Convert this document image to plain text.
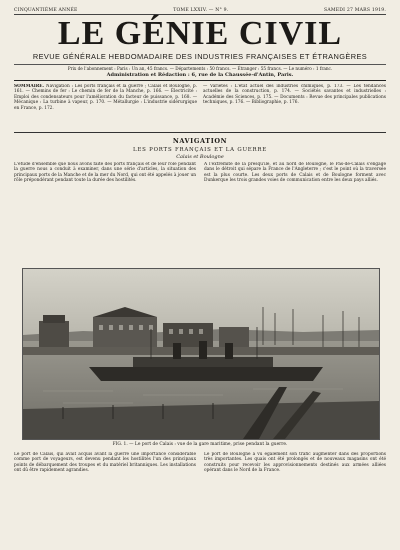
CINQUANTIÈME ANNÉE	TOME LXXIV. — N° 9.	SAMEDI 27 MARS 1919.
LE GÉNIE CIVIL
REVUE GÉNÉRALE HEBDOMADAIRE DES INDUSTRIES FRANÇAISES ET ÉTRANGÈRES
Prix de l'abonnement : Paris : Un an, 45 francs. — Départements : 50 francs. — Étranger : 55 francs. — Le numéro : 1 franc.
Administration et Rédaction : 6, rue de la Chaussée-d'Antin, Paris.
SOMMAIRE. Navigation : Les ports français et la guerre ; Calais et Boulogne, p. 161. — Chemins de fer : Le chemin de fer de la Manche, p. 166. — Électricité : Emploi des condensateurs pour l'amélioration du facteur de puissance, p. 168. — Mécanique : La turbine à vapeur, p. 170. — Métallurgie : L'industrie sidérurgique en France, p. 172.
— Variétés : L'état actuel des industries chimiques, p. 173. — Les tendances actuelles de la construction, p. 174. — Sociétés savantes et industrielles : Académie des Sciences, p. 175. — Documents : Revue des principales publications techniques, p. 176. — Bibliographie, p. 176.
NAVIGATION
LES PORTS FRANÇAIS ET LA GUERRE
Calais et Boulogne
L'étude d'ensemble que nous avons faite des ports français et de leur rôle pendant la guerre nous a conduit à examiner, dans une série d'articles, la situation des principaux ports de la Manche et de la mer du Nord, qui ont été appelés à jouer un rôle prépondérant pendant toute la durée des hostilités.
A l'extrémité de la presqu'île, et au nord de Boulogne, le Pas-de-Calais s'engage dans le détroit qui sépare la France de l'Angleterre ; c'est le point où la traversée est la plus courte. Les deux ports de Calais et de Boulogne forment avec Dunkerque les trois grandes voies de communication entre les deux pays alliés.
FIG. 1. — Le port de Calais : vue de la gare maritime, prise pendant la guerre.
Le port de Calais, qui avait acquis avant la guerre une importance considérable comme port de voyageurs, est devenu pendant les hostilités l'un des principaux points de débarquement des troupes et du matériel britanniques. Les installations ont dû être rapidement agrandies.
Le port de Boulogne a vu également son trafic augmenter dans des proportions très importantes. Les quais ont été prolongés et de nouveaux magasins ont été construits pour recevoir les approvisionnements destinés aux armées alliées opérant dans le Nord de la France.
